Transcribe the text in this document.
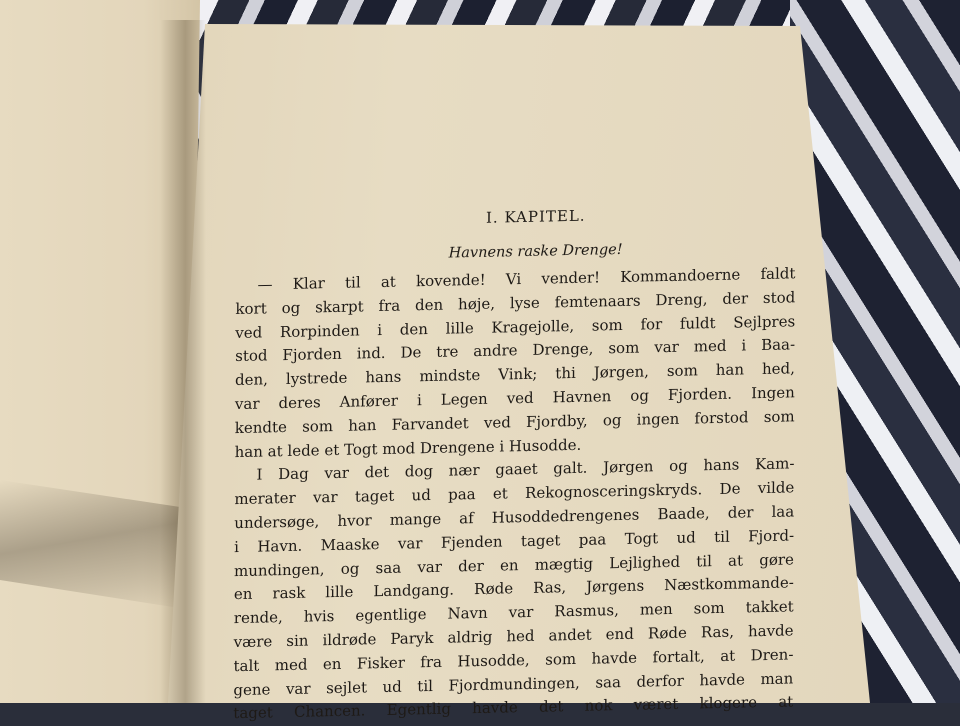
I. KAPITEL.
Havnens raske Drenge!

— Klar til at kovende! Vi vender! Kommandoerne faldt
kort og skarpt fra den høje, lyse femtenaars Dreng, der stod
ved Rorpinden i den lille Kragejolle, som for fuldt Sejlpres
stod Fjorden ind. De tre andre Drenge, som var med i Baa-
den, lystrede hans mindste Vink; thi Jørgen, som han hed,
var deres Anfører i Legen ved Havnen og Fjorden. Ingen
kendte som han Farvandet ved Fjordby, og ingen forstod som
han at lede et Togt mod Drengene i Husodde.

I Dag var det dog nær gaaet galt. Jørgen og hans Kam-
merater var taget ud paa et Rekognosceringskryds. De vilde
undersøge, hvor mange af Husoddedrengenes Baade, der laa
i Havn. Maaske var Fjenden taget paa Togt ud til Fjord-
mundingen, og saa var der en mægtig Lejlighed til at gøre
en rask lille Landgang. Røde Ras, Jørgens Næstkommande-
rende, hvis egentlige Navn var Rasmus, men som takket
være sin ildrøde Paryk aldrig hed andet end Røde Ras, havde
talt med en Fisker fra Husodde, som havde fortalt, at Dren-
gene var sejlet ud til Fjordmundingen, saa derfor havde man
taget Chancen. Egentlig havde det nok været klogere at
